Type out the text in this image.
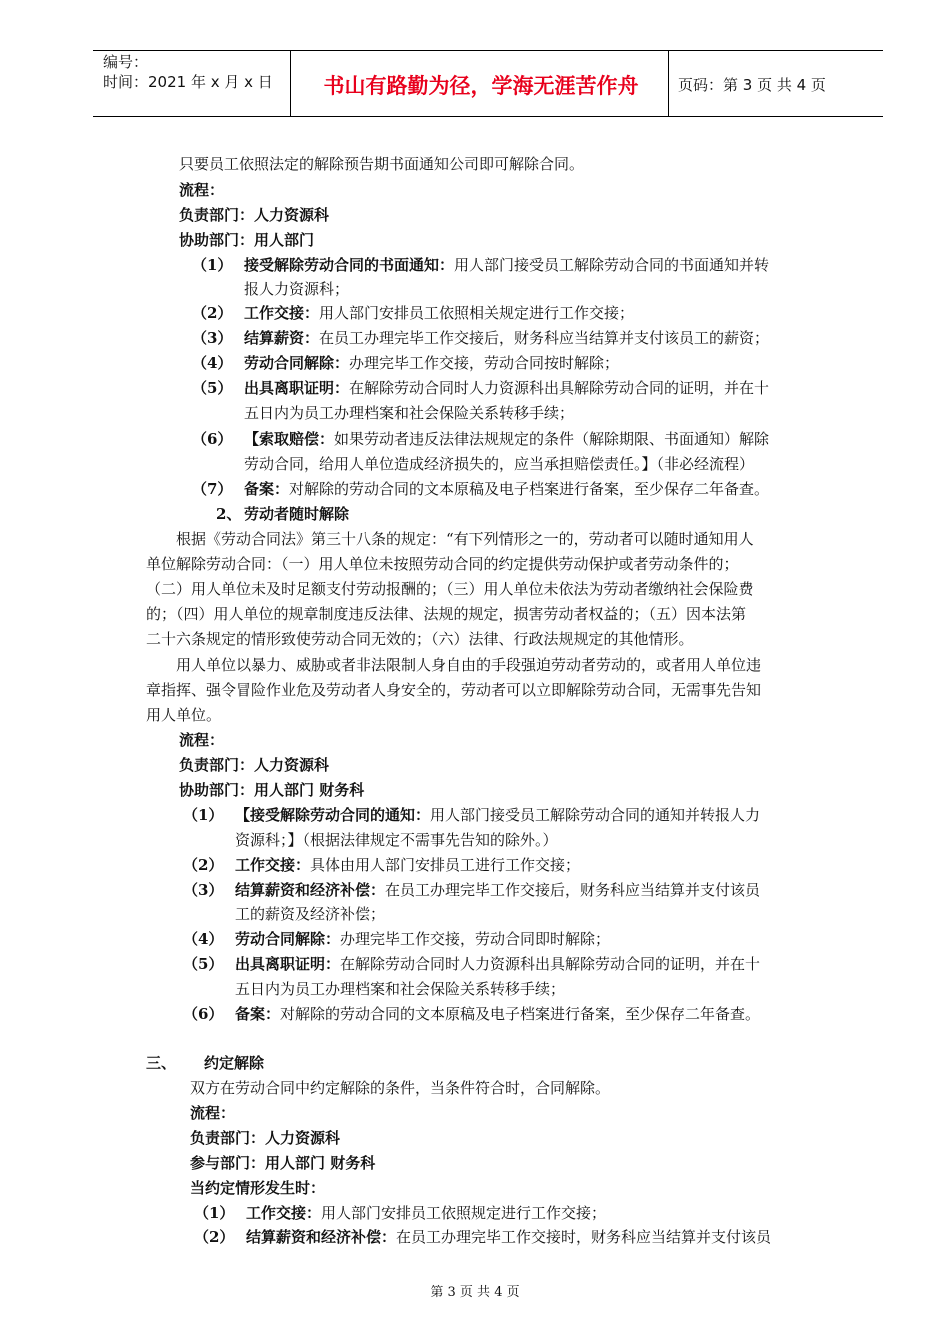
编号：
时间：2021 年 x 月 x 日	书山有路勤为径，学海无涯苦作舟	页码：第 3 页 共 4 页
只要员工依照法定的解除预告期书面通知公司即可解除合同。
流程：
负责部门：人力资源科
协助部门：用人部门
（1） 接受解除劳动合同的书面通知：用人部门接受员工解除劳动合同的书面通知并转
报人力资源科；
（2） 工作交接：用人部门安排员工依照相关规定进行工作交接；
（3） 结算薪资：在员工办理完毕工作交接后，财务科应当结算并支付该员工的薪资；
（4） 劳动合同解除：办理完毕工作交接，劳动合同按时解除；
（5） 出具离职证明：在解除劳动合同时人力资源科出具解除劳动合同的证明，并在十
五日内为员工办理档案和社会保险关系转移手续；
（6） 【索取赔偿：如果劳动者违反法律法规规定的条件（解除期限、书面通知）解除
劳动合同，给用人单位造成经济损失的，应当承担赔偿责任。】（非必经流程）
（7） 备案：对解除的劳动合同的文本原稿及电子档案进行备案，至少保存二年备查。
2、 劳动者随时解除
根据《劳动合同法》第三十八条的规定：“有下列情形之一的，劳动者可以随时通知用人
单位解除劳动合同：（一）用人单位未按照劳动合同的约定提供劳动保护或者劳动条件的；
（二）用人单位未及时足额支付劳动报酬的；（三）用人单位未依法为劳动者缴纳社会保险费
的；（四）用人单位的规章制度违反法律、法规的规定，损害劳动者权益的；（五）因本法第
二十六条规定的情形致使劳动合同无效的；（六）法律、行政法规规定的其他情形。
用人单位以暴力、威胁或者非法限制人身自由的手段强迫劳动者劳动的，或者用人单位违
章指挥、强令冒险作业危及劳动者人身安全的，劳动者可以立即解除劳动合同，无需事先告知
用人单位。
流程：
负责部门：人力资源科
协助部门：用人部门 财务科
（1） 【接受解除劳动合同的通知：用人部门接受员工解除劳动合同的通知并转报人力
资源科；】（根据法律规定不需事先告知的除外。）
（2） 工作交接：具体由用人部门安排员工进行工作交接；
（3） 结算薪资和经济补偿：在员工办理完毕工作交接后，财务科应当结算并支付该员
工的薪资及经济补偿；
（4） 劳动合同解除：办理完毕工作交接，劳动合同即时解除；
（5） 出具离职证明：在解除劳动合同时人力资源科出具解除劳动合同的证明，并在十
五日内为员工办理档案和社会保险关系转移手续；
（6） 备案：对解除的劳动合同的文本原稿及电子档案进行备案，至少保存二年备查。
三、 约定解除
双方在劳动合同中约定解除的条件，当条件符合时，合同解除。
流程：
负责部门：人力资源科
参与部门：用人部门 财务科
当约定情形发生时：
（1） 工作交接：用人部门安排员工依照规定进行工作交接；
（2） 结算薪资和经济补偿：在员工办理完毕工作交接时，财务科应当结算并支付该员
第 3 页 共 4 页
